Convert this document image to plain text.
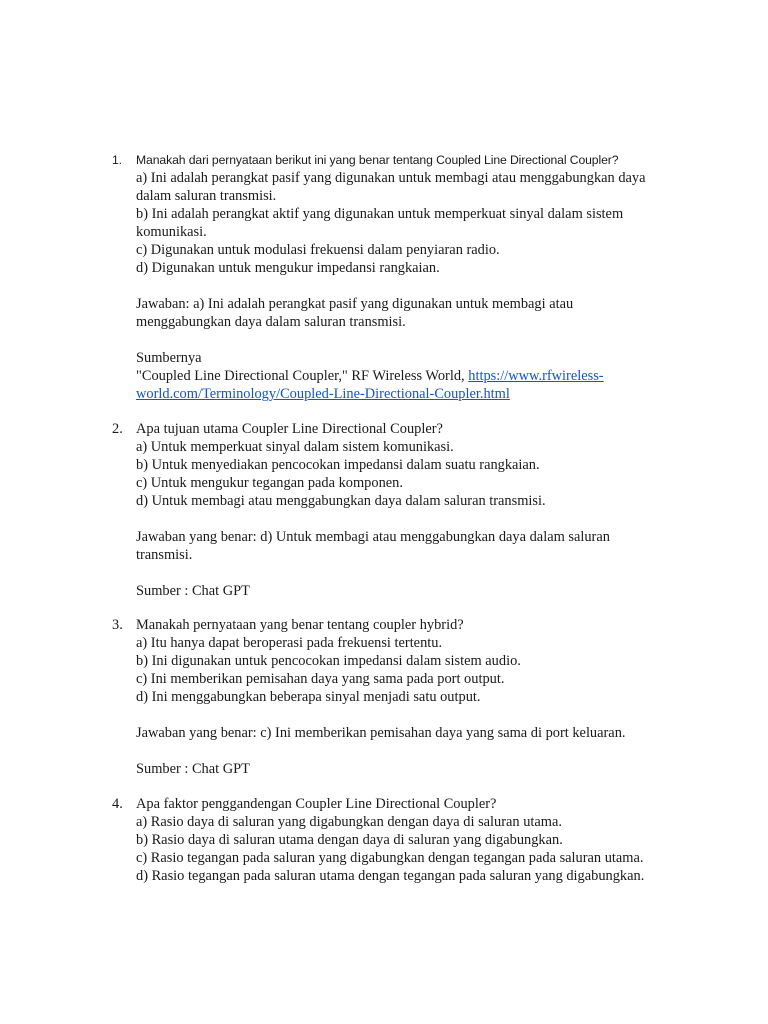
1.	Manakah dari pernyataan berikut ini yang benar tentang Coupled Line Directional Coupler?
a) Ini adalah perangkat pasif yang digunakan untuk membagi atau menggabungkan daya
dalam saluran transmisi.
b) Ini adalah perangkat aktif yang digunakan untuk memperkuat sinyal dalam sistem
komunikasi.
c) Digunakan untuk modulasi frekuensi dalam penyiaran radio.
d) Digunakan untuk mengukur impedansi rangkaian.
Jawaban: a) Ini adalah perangkat pasif yang digunakan untuk membagi atau
menggabungkan daya dalam saluran transmisi.
Sumbernya
"Coupled Line Directional Coupler," RF Wireless World, https://www.rfwireless-
world.com/Terminology/Coupled-Line-Directional-Coupler.html
2. Apa tujuan utama Coupler Line Directional Coupler?
a) Untuk memperkuat sinyal dalam sistem komunikasi.
b) Untuk menyediakan pencocokan impedansi dalam suatu rangkaian.
c) Untuk mengukur tegangan pada komponen.
d) Untuk membagi atau menggabungkan daya dalam saluran transmisi.
Jawaban yang benar: d) Untuk membagi atau menggabungkan daya dalam saluran
transmisi.
Sumber : Chat GPT
3. Manakah pernyataan yang benar tentang coupler hybrid?
a) Itu hanya dapat beroperasi pada frekuensi tertentu.
b) Ini digunakan untuk pencocokan impedansi dalam sistem audio.
c) Ini memberikan pemisahan daya yang sama pada port output.
d) Ini menggabungkan beberapa sinyal menjadi satu output.
Jawaban yang benar: c) Ini memberikan pemisahan daya yang sama di port keluaran.
Sumber : Chat GPT
4. Apa faktor penggandengan Coupler Line Directional Coupler?
a) Rasio daya di saluran yang digabungkan dengan daya di saluran utama.
b) Rasio daya di saluran utama dengan daya di saluran yang digabungkan.
c) Rasio tegangan pada saluran yang digabungkan dengan tegangan pada saluran utama.
d) Rasio tegangan pada saluran utama dengan tegangan pada saluran yang digabungkan.
